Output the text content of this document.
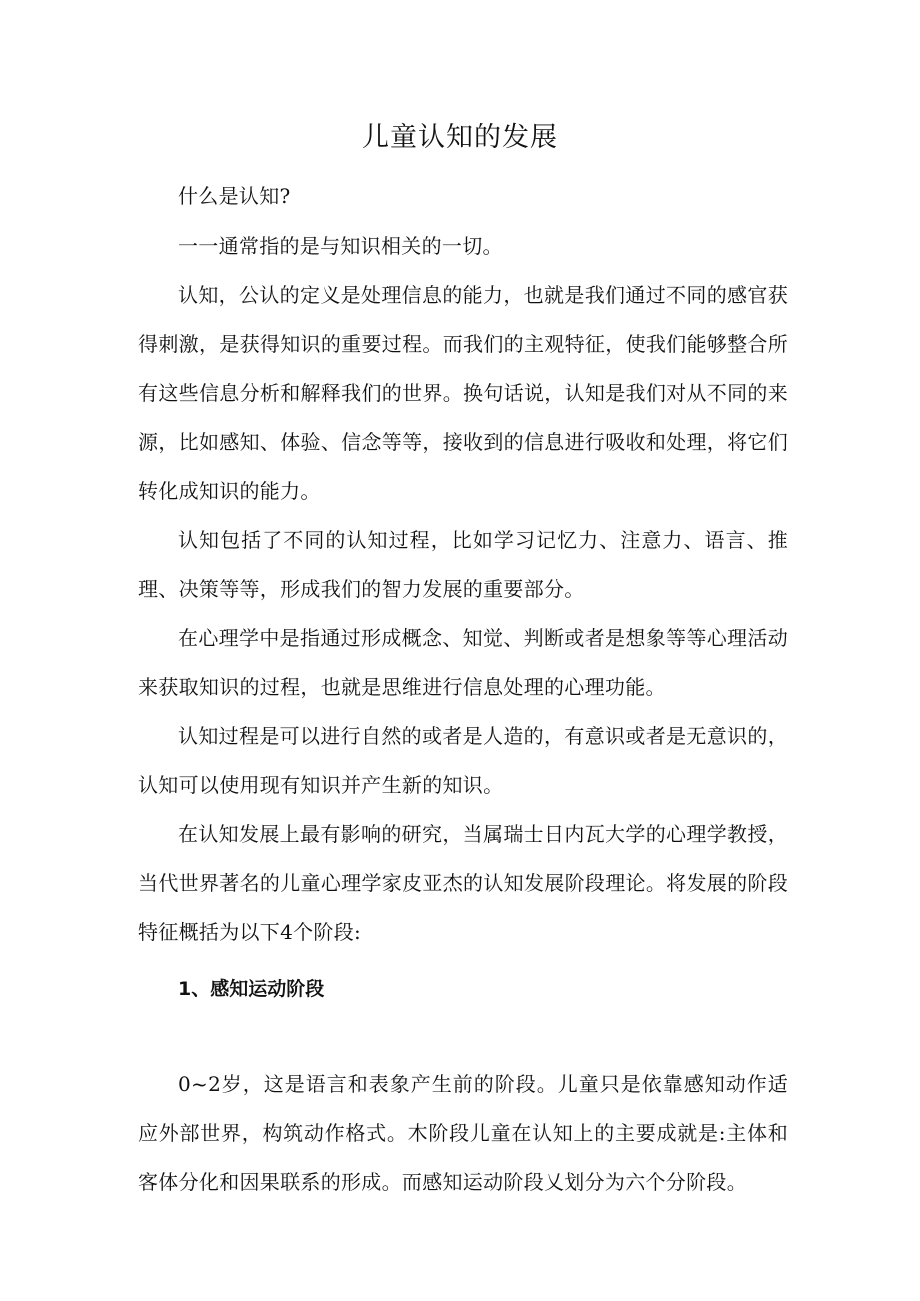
儿童认知的发展

什么是认知?

一一通常指的是与知识相关的一切。

认知，公认的定义是处理信息的能力，也就是我们通过不同的感官获得刺激，是获得知识的重要过程。而我们的主观特征，使我们能够整合所有这些信息分析和解释我们的世界。换句话说，认知是我们对从不同的来源，比如感知、体验、信念等等，接收到的信息进行吸收和处理，将它们转化成知识的能力。

认知包括了不同的认知过程，比如学习记忆力、注意力、语言、推理、决策等等，形成我们的智力发展的重要部分。

在心理学中是指通过形成概念、知觉、判断或者是想象等等心理活动来获取知识的过程，也就是思维进行信息处理的心理功能。

认知过程是可以进行自然的或者是人造的，有意识或者是无意识的，认知可以使用现有知识并产生新的知识。

在认知发展上最有影响的研究，当属瑞士日内瓦大学的心理学教授，当代世界著名的儿童心理学家皮亚杰的认知发展阶段理论。将发展的阶段特征概括为以下4个阶段:

1、感知运动阶段

0~2岁，这是语言和表象产生前的阶段。儿童只是依靠感知动作适应外部世界，构筑动作格式。木阶段儿童在认知上的主要成就是:主体和客体分化和因果联系的形成。而感知运动阶段乂划分为六个分阶段。
